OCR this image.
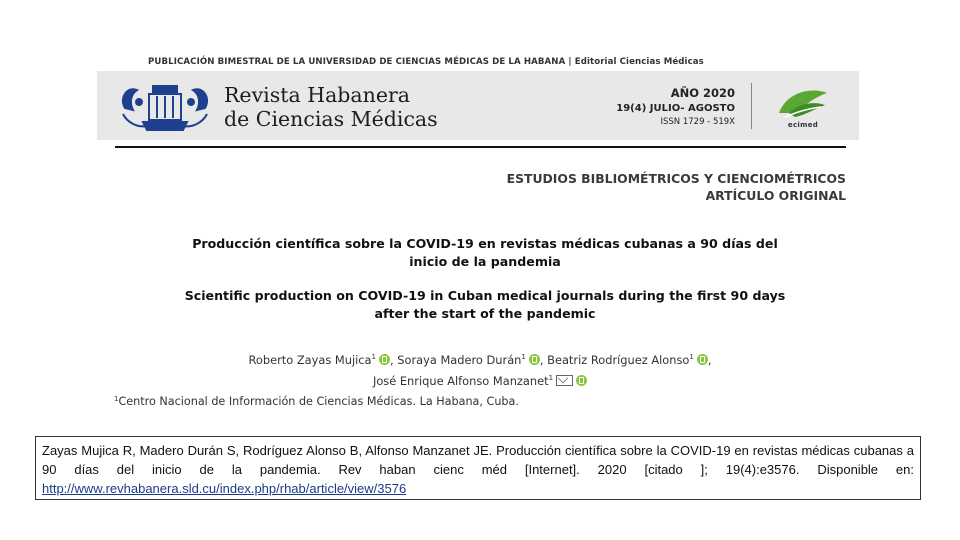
PUBLICACIÓN BIMESTRAL DE LA UNIVERSIDAD DE CIENCIAS MÉDICAS DE LA HABANA | Editorial Ciencias Médicas
Revista Habanera
de Ciencias Médicas
AÑO 2020
19(4) JULIO- AGOSTO
ISSN 1729 - 519X	ecimed
ESTUDIOS BIBLIOMÉTRICOS Y CIENCIOMÉTRICOS
ARTÍCULO ORIGINAL
Producción científica sobre la COVID-19 en revistas médicas cubanas a 90 días del
inicio de la pandemia
Scientific production on COVID-19 in Cuban medical journals during the first 90 days
after the start of the pandemic
Roberto Zayas Mujica$^1$ , Soraya Madero Durán$^1$ , Beatriz Rodríguez Alonso$^1$ ,
José Enrique Alfonso Manzanet$^1$
$^1$Centro Nacional de Información de Ciencias Médicas. La Habana, Cuba.
Zayas Mujica R, Madero Durán S, Rodríguez Alonso B, Alfonso Manzanet JE. Producción científica sobre la COVID-19 en revistas médicas cubanas a 90 días del inicio de la pandemia. Rev haban cienc méd [Internet]. 2020 [citado ]; 19(4):e3576. Disponible en: http://www.revhabanera.sld.cu/index.php/rhab/article/view/3576
